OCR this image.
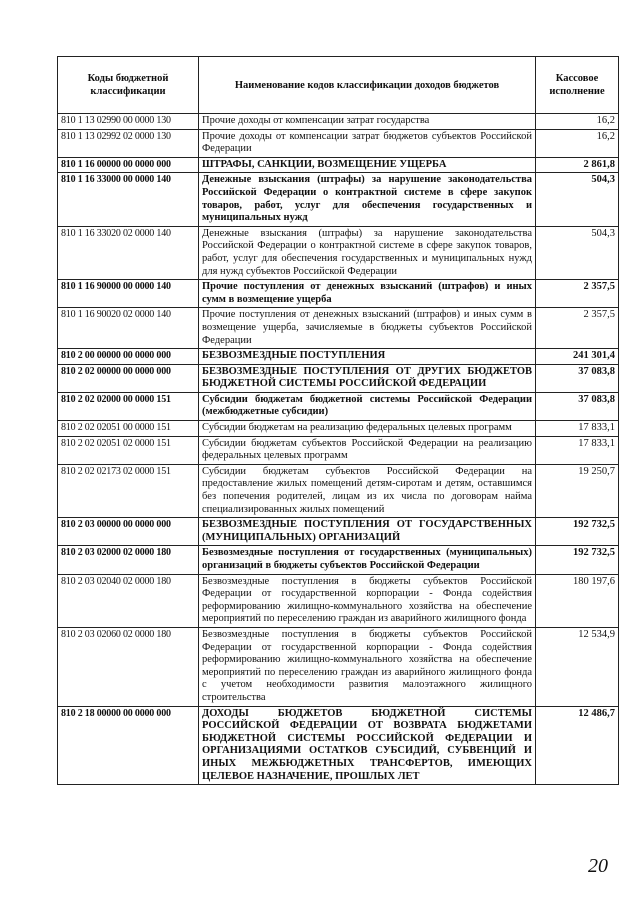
Коды бюджетной классификации	Наименование кодов классификации доходов бюджетов	Кассовое исполнение
810 1 13 02990 00 0000 130	Прочие доходы от компенсации затрат государства	16,2
810 1 13 02992 02 0000 130	Прочие доходы от компенсации затрат бюджетов субъектов Российской Федерации	16,2
810 1 16 00000 00 0000 000	ШТРАФЫ, САНКЦИИ, ВОЗМЕЩЕНИЕ УЩЕРБА	2 861,8
810 1 16 33000 00 0000 140	Денежные взыскания (штрафы) за нарушение законодательства Российской Федерации о контрактной системе в сфере закупок товаров, работ, услуг для обеспечения государственных и муниципальных нужд	504,3
810 1 16 33020 02 0000 140	Денежные взыскания (штрафы) за нарушение законодательства Российской Федерации о контрактной системе в сфере закупок товаров, работ, услуг для обеспечения государственных и муниципальных нужд для нужд субъектов Российской Федерации	504,3
810 1 16 90000 00 0000 140	Прочие поступления от денежных взысканий (штрафов) и иных сумм в возмещение ущерба	2 357,5
810 1 16 90020 02 0000 140	Прочие поступления от денежных взысканий (штрафов) и иных сумм в возмещение ущерба, зачисляемые в бюджеты субъектов Российской Федерации	2 357,5
810 2 00 00000 00 0000 000	БЕЗВОЗМЕЗДНЫЕ ПОСТУПЛЕНИЯ	241 301,4
810 2 02 00000 00 0000 000	БЕЗВОЗМЕЗДНЫЕ ПОСТУПЛЕНИЯ ОТ ДРУГИХ БЮДЖЕТОВ БЮДЖЕТНОЙ СИСТЕМЫ РОССИЙСКОЙ ФЕДЕРАЦИИ	37 083,8
810 2 02 02000 00 0000 151	Субсидии бюджетам бюджетной системы Российской Федерации (межбюджетные субсидии)	37 083,8
810 2 02 02051 00 0000 151	Субсидии бюджетам на реализацию федеральных целевых программ	17 833,1
810 2 02 02051 02 0000 151	Субсидии бюджетам субъектов Российской Федерации на реализацию федеральных целевых программ	17 833,1
810 2 02 02173 02 0000 151	Субсидии бюджетам субъектов Российской Федерации на предоставление жилых помещений детям-сиротам и детям, оставшимся без попечения родителей, лицам из их числа по договорам найма специализированных жилых помещений	19 250,7
810 2 03 00000 00 0000 000	БЕЗВОЗМЕЗДНЫЕ ПОСТУПЛЕНИЯ ОТ ГОСУДАРСТВЕННЫХ (МУНИЦИПАЛЬНЫХ) ОРГАНИЗАЦИЙ	192 732,5
810 2 03 02000 02 0000 180	Безвозмездные поступления от государственных (муниципальных) организаций в бюджеты субъектов Российской Федерации	192 732,5
810 2 03 02040 02 0000 180	Безвозмездные поступления в бюджеты субъектов Российской Федерации от государственной корпорации - Фонда содействия реформированию жилищно-коммунального хозяйства на обеспечение мероприятий по переселению граждан из аварийного жилищного фонда	180 197,6
810 2 03 02060 02 0000 180	Безвозмездные поступления в бюджеты субъектов Российской Федерации от государственной корпорации - Фонда содействия реформированию жилищно-коммунального хозяйства на обеспечение мероприятий по переселению граждан из аварийного жилищного фонда с учетом необходимости развития малоэтажного жилищного строительства	12 534,9
810 2 18 00000 00 0000 000	ДОХОДЫ БЮДЖЕТОВ БЮДЖЕТНОЙ СИСТЕМЫ РОССИЙСКОЙ ФЕДЕРАЦИИ ОТ ВОЗВРАТА БЮДЖЕТАМИ БЮДЖЕТНОЙ СИСТЕМЫ РОССИЙСКОЙ ФЕДЕРАЦИИ И ОРГАНИЗАЦИЯМИ ОСТАТКОВ СУБСИДИЙ, СУБВЕНЦИЙ И ИНЫХ МЕЖБЮДЖЕТНЫХ ТРАНСФЕРТОВ, ИМЕЮЩИХ ЦЕЛЕВОЕ НАЗНАЧЕНИЕ, ПРОШЛЫХ ЛЕТ	12 486,7
20
